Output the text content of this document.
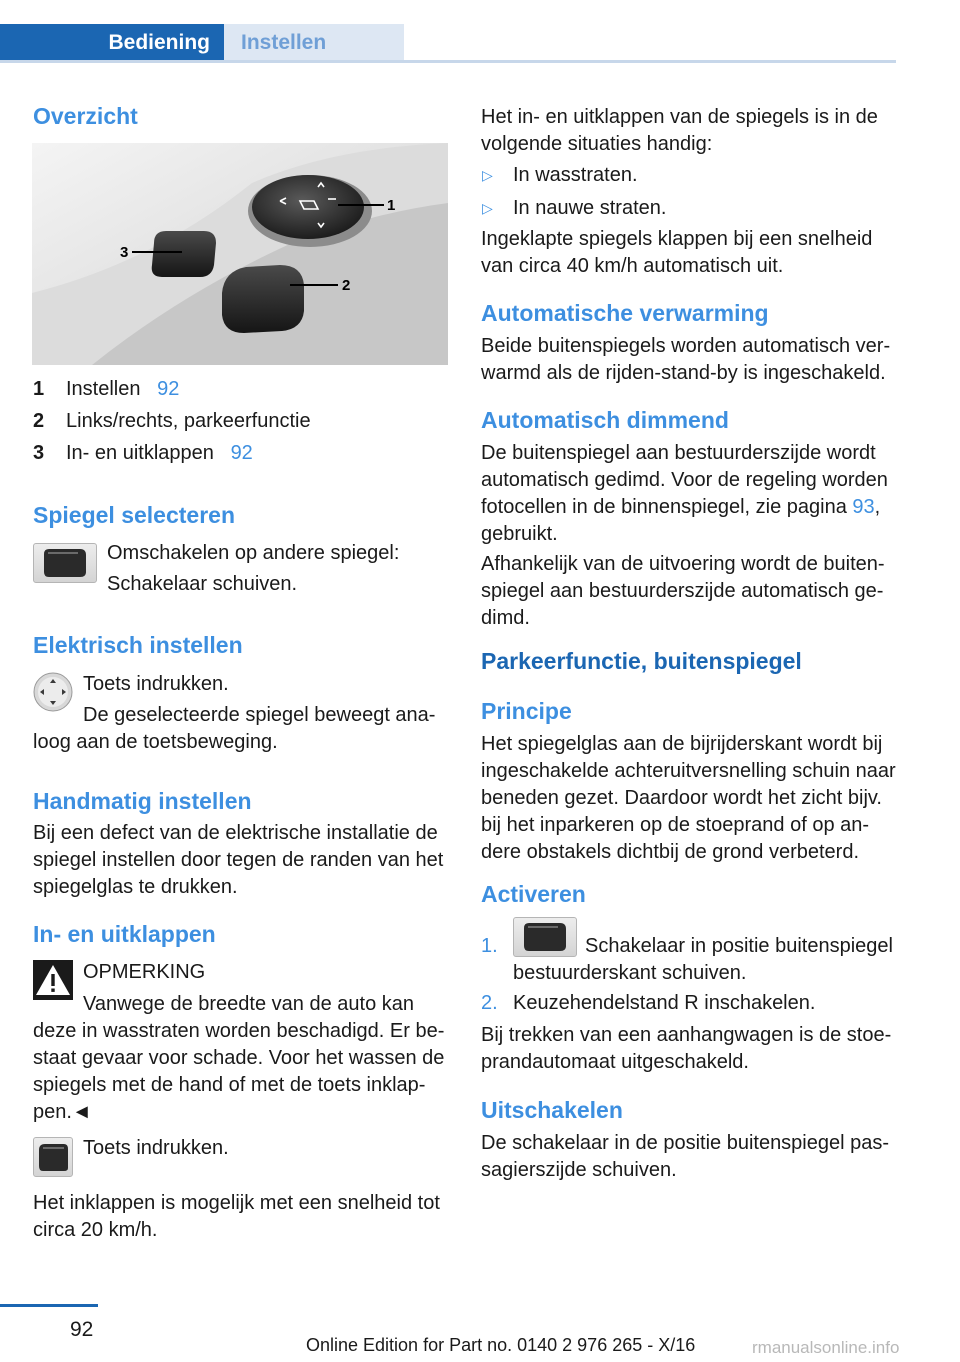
Bediening	Instellen
Overzicht
1
2
3
1 Instellen 92
2 Links/rechts, parkeerfunctie
3 In- en uitklappen 92
Spiegel selecteren
Omschakelen op andere spiegel:
Schakelaar schuiven.
Elektrisch instellen
Toets indrukken.
De geselecteerde spiegel beweegt ana-
loog aan de toetsbeweging.
Handmatig instellen
Bij een defect van de elektrische installatie de
spiegel instellen door tegen de randen van het
spiegelglas te drukken.
In- en uitklappen
OPMERKING
Vanwege de breedte van de auto kan
deze in wasstraten worden beschadigd. Er be-
staat gevaar voor schade. Voor het wassen de
spiegels met de hand of met de toets inklap-
pen.◄
Toets indrukken.
Het inklappen is mogelijk met een snelheid tot
circa 20 km/h.
Het in- en uitklappen van de spiegels is in de
volgende situaties handig:
▷ In wasstraten.
▷ In nauwe straten.
Ingeklapte spiegels klappen bij een snelheid
van circa 40 km/h automatisch uit.
Automatische verwarming
Beide buitenspiegels worden automatisch ver-
warmd als de rijden-stand-by is ingeschakeld.
Automatisch dimmend
De buitenspiegel aan bestuurderszijde wordt
automatisch gedimd. Voor de regeling worden
fotocellen in de binnenspiegel, zie pagina 93,
gebruikt.
Afhankelijk van de uitvoering wordt de buiten-
spiegel aan bestuurderszijde automatisch ge-
dimd.
Parkeerfunctie, buitenspiegel
Principe
Het spiegelglas aan de bijrijderskant wordt bij
ingeschakelde achteruitversnelling schuin naar
beneden gezet. Daardoor wordt het zicht bijv.
bij het inparkeren op de stoeprand of op an-
dere obstakels dichtbij de grond verbeterd.
Activeren
1.	Schakelaar in positie buitenspiegel
bestuurderskant schuiven.
2. Keuzehendelstand R inschakelen.
Bij trekken van een aanhangwagen is de stoe-
prandautomaat uitgeschakeld.
Uitschakelen
De schakelaar in de positie buitenspiegel pas-
sagierszijde schuiven.
92
Online Edition for Part no. 0140 2 976 265 - X/16	rmanualsonline.info
